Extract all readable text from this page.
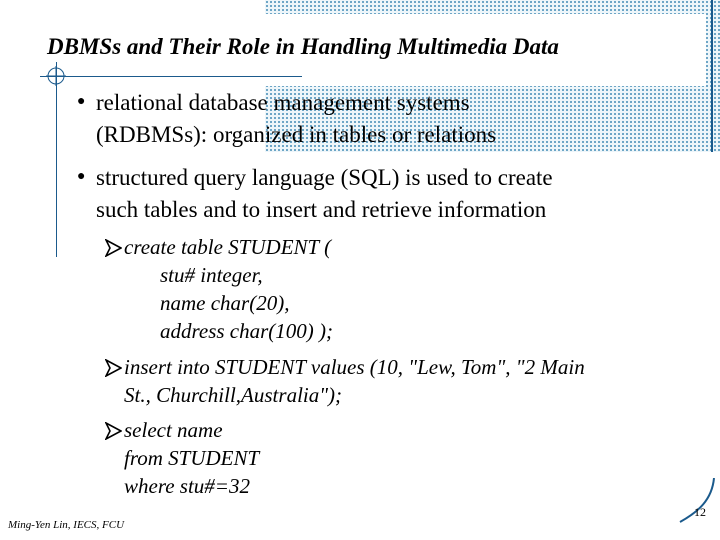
DBMSs and Their Role in Handling Multimedia Data
● relational database management systems
(RDBMSs): organized in tables or relations
● structured query language (SQL) is used to create
such tables and to insert and retrieve information
create table STUDENT (
stu# integer,
name char(20),
address char(100) );
insert into STUDENT values (10, "Lew, Tom", "2 Main
St., Churchill,Australia");
select name
from STUDENT
where stu#=32
12
Ming-Yen Lin, IECS, FCU
